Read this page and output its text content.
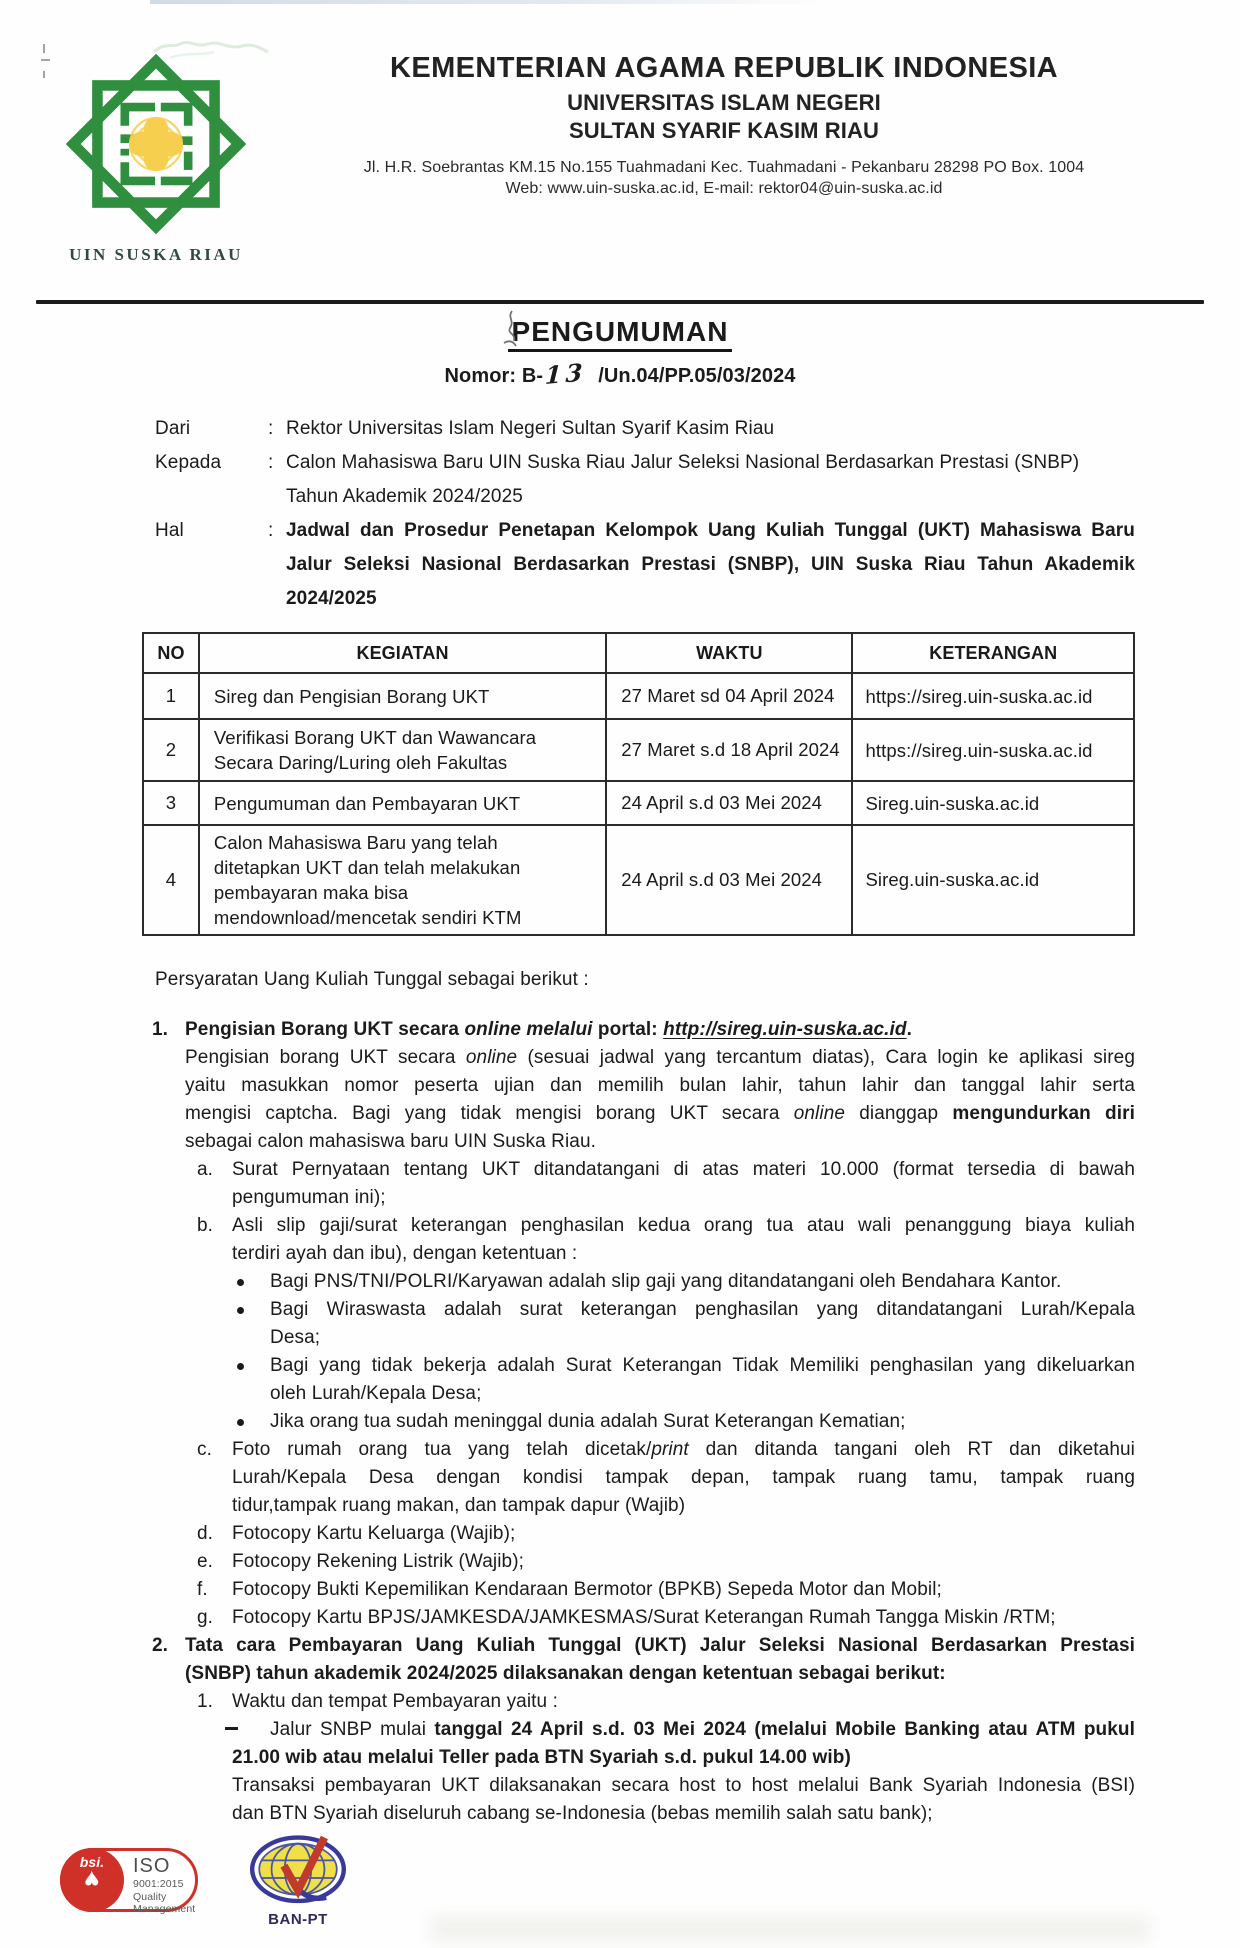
UIN SUSKA RIAU
KEMENTERIAN AGAMA REPUBLIK INDONESIA
UNIVERSITAS ISLAM NEGERI
SULTAN SYARIF KASIM RIAU
Jl. H.R. Soebrantas KM.15 No.155 Tuahmadani Kec. Tuahmadani - Pekanbaru 28298 PO Box. 1004
Web: www.uin-suska.ac.id, E-mail: rektor04@uin-suska.ac.id
PENGUMUMAN
Nomor: B-13 /Un.04/PP.05/03/2024
Dari	: Rektor Universitas Islam Negeri Sultan Syarif Kasim Riau
Kepada	: Calon Mahasiswa Baru UIN Suska Riau Jalur Seleksi Nasional Berdasarkan Prestasi (SNBP)
Tahun Akademik 2024/2025
Hal	: Jadwal dan Prosedur Penetapan Kelompok Uang Kuliah Tunggal (UKT) Mahasiswa Baru
Jalur Seleksi Nasional Berdasarkan Prestasi (SNBP), UIN Suska Riau Tahun Akademik
2024/2025
NO	KEGIATAN	WAKTU	KETERANGAN
1	Sireg dan Pengisian Borang UKT	27 Maret sd 04 April 2024	https://sireg.uin-suska.ac.id
2	Verifikasi Borang UKT dan Wawancara
Secara Daring/Luring oleh Fakultas	27 Maret s.d 18 April 2024	https://sireg.uin-suska.ac.id
3	Pengumuman dan Pembayaran UKT	24 April s.d 03 Mei 2024	Sireg.uin-suska.ac.id
4	Calon Mahasiswa Baru yang telah
ditetapkan UKT dan telah melakukan
pembayaran maka bisa
mendownload/mencetak sendiri KTM	24 April s.d 03 Mei 2024	Sireg.uin-suska.ac.id
Persyaratan Uang Kuliah Tunggal sebagai berikut :
1. Pengisian Borang UKT secara online melalui portal: http://sireg.uin-suska.ac.id.
Pengisian borang UKT secara online (sesuai jadwal yang tercantum diatas), Cara login ke aplikasi sireg
yaitu masukkan nomor peserta ujian dan memilih bulan lahir, tahun lahir dan tanggal lahir serta
mengisi captcha. Bagi yang tidak mengisi borang UKT secara online dianggap mengundurkan diri
sebagai calon mahasiswa baru UIN Suska Riau.
a. Surat Pernyataan tentang UKT ditandatangani di atas materi 10.000 (format tersedia di bawah
pengumuman ini);
b. Asli slip gaji/surat keterangan penghasilan kedua orang tua atau wali penanggung biaya kuliah
terdiri ayah dan ibu), dengan ketentuan :
Bagi PNS/TNI/POLRI/Karyawan adalah slip gaji yang ditandatangani oleh Bendahara Kantor.
Bagi Wiraswasta adalah surat keterangan penghasilan yang ditandatangani Lurah/Kepala
Desa;
Bagi yang tidak bekerja adalah Surat Keterangan Tidak Memiliki penghasilan yang dikeluarkan
oleh Lurah/Kepala Desa;
Jika orang tua sudah meninggal dunia adalah Surat Keterangan Kematian;
c.	Foto rumah orang tua yang telah dicetak/print dan ditanda tangani oleh RT dan diketahui
Lurah/Kepala Desa dengan kondisi tampak depan, tampak ruang tamu, tampak ruang
tidur,tampak ruang makan, dan tampak dapur (Wajib)
d. Fotocopy Kartu Keluarga (Wajib);
e. Fotocopy Rekening Listrik (Wajib);
f.	Fotocopy Bukti Kepemilikan Kendaraan Bermotor (BPKB) Sepeda Motor dan Mobil;
g. Fotocopy Kartu BPJS/JAMKESDA/JAMKESMAS/Surat Keterangan Rumah Tangga Miskin /RTM;
2. Tata cara Pembayaran Uang Kuliah Tunggal (UKT) Jalur Seleksi Nasional Berdasarkan Prestasi
(SNBP) tahun akademik 2024/2025 dilaksanakan dengan ketentuan sebagai berikut:
1. Waktu dan tempat Pembayaran yaitu :
Jalur SNBP mulai tanggal 24 April s.d. 03 Mei 2024 (melalui Mobile Banking atau ATM pukul
21.00 wib atau melalui Teller pada BTN Syariah s.d. pukul 14.00 wib)
Transaksi pembayaran UKT dilaksanakan secara host to host melalui Bank Syariah Indonesia (BSI)
dan BTN Syariah diseluruh cabang se-Indonesia (bebas memilih salah satu bank);
bsi.
♥	ISO
9001:2015
Quality
Management
BAN-PT
